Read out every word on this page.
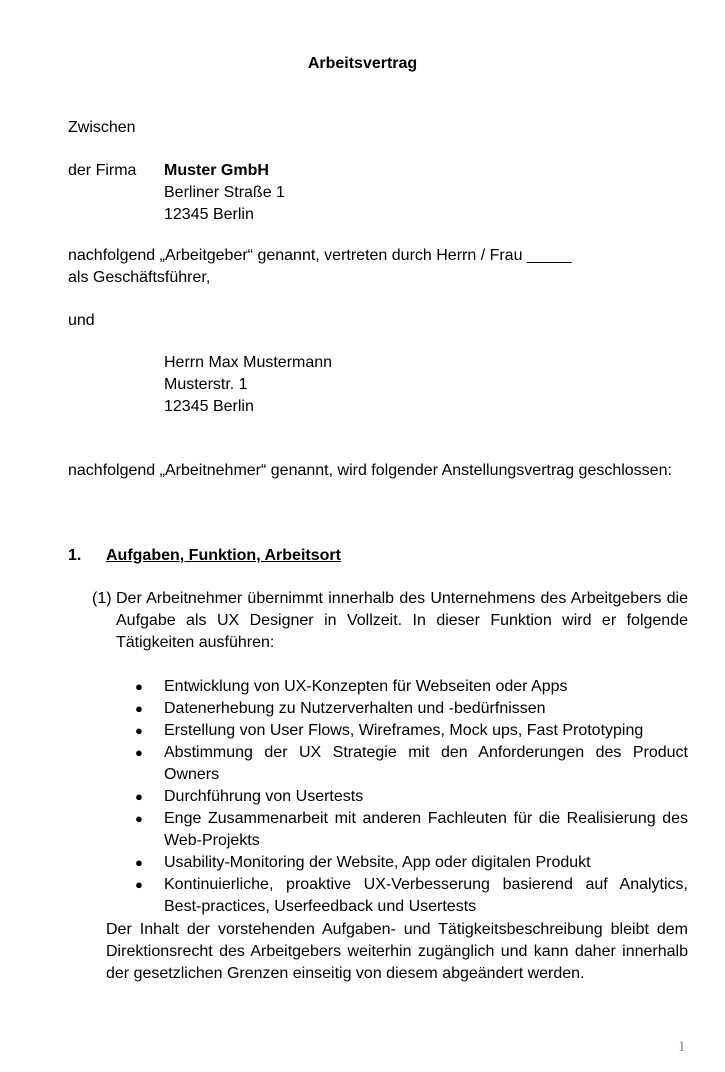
Arbeitsvertrag
Zwischen
der Firma Muster GmbH
Berliner Straße 1
12345 Berlin
nachfolgend „Arbeitgeber“ genannt, vertreten durch Herrn / Frau _____ als Geschäftsführer,
und
Herrn Max Mustermann
Musterstr. 1
12345 Berlin
nachfolgend „Arbeitnehmer“ genannt, wird folgender Anstellungsvertrag geschlossen:
1. Aufgaben, Funktion, Arbeitsort
(1) Der Arbeitnehmer übernimmt innerhalb des Unternehmens des Arbeitgebers die Aufgabe als UX Designer in Vollzeit. In dieser Funktion wird er folgende Tätigkeiten ausführen:
●	Entwicklung von UX-Konzepten für Webseiten oder Apps
●	Datenerhebung zu Nutzerverhalten und -bedürfnissen
●	Erstellung von User Flows, Wireframes, Mock ups, Fast Prototyping
●	Abstimmung der UX Strategie mit den Anforderungen des Product Owners
●	Durchführung von Usertests
●	Enge Zusammenarbeit mit anderen Fachleuten für die Realisierung des Web-Projekts
●	Usability-Monitoring der Website, App oder digitalen Produkt
●	Kontinuierliche, proaktive UX-Verbesserung basierend auf Analytics, Best-practices, Userfeedback und Usertests
Der Inhalt der vorstehenden Aufgaben- und Tätigkeitsbeschreibung bleibt dem Direktionsrecht des Arbeitgebers weiterhin zugänglich und kann daher innerhalb der gesetzlichen Grenzen einseitig von diesem abgeändert werden.
1
